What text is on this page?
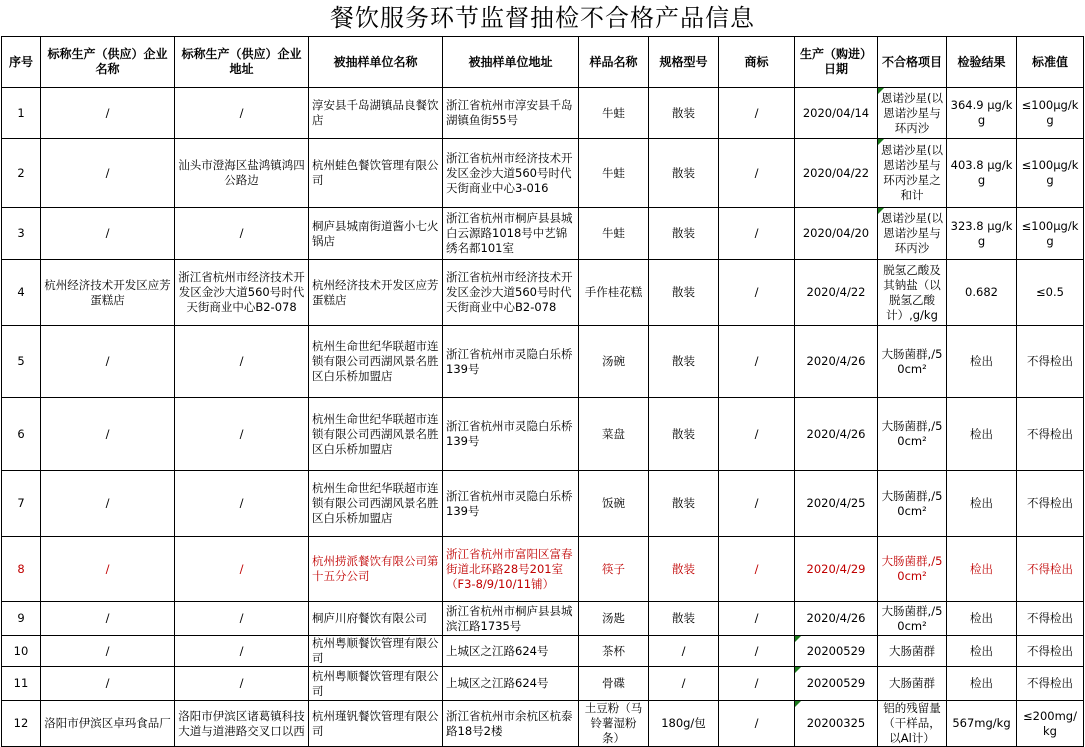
餐饮服务环节监督抽检不合格产品信息
序号	标称生产（供应）企业名称	标称生产（供应）企业地址	被抽样单位名称	被抽样单位地址	样品名称	规格型号	商标	生产（购进）日期	不合格项目	检验结果	标准值
1	/	/	淳安县千岛湖镇品良餐饮店	浙江省杭州市淳安县千岛湖镇鱼街55号	牛蛙	散装	/	2020/04/14	恩诺沙星(以恩诺沙星与环丙沙	364.9 μg/kg	≤100μg/kg
2	/	汕头市澄海区盐鸿镇鸿四公路边	杭州蛙色餐饮管理有限公司	浙江省杭州市经济技术开发区金沙大道560号时代天街商业中心3-016	牛蛙	散装	/	2020/04/22	恩诺沙星(以恩诺沙星与环丙沙星之和计	403.8 μg/kg	≤100μg/kg
3	/	/	桐庐县城南街道酱小七火锅店	浙江省杭州市桐庐县县城白云源路1018号中艺锦绣名都101室	牛蛙	散装	/	2020/04/20	恩诺沙星(以恩诺沙星与环丙沙	323.8 μg/kg	≤100μg/kg
4	杭州经济技术开发区应芳蛋糕店	浙江省杭州市经济技术开发区金沙大道560号时代天街商业中心B2-078	杭州经济技术开发区应芳蛋糕店	浙江省杭州市经济技术开发区金沙大道560号时代天街商业中心B2-078	手作桂花糕	散装	/	2020/4/22	脱氢乙酸及其钠盐（以脱氢乙酸计）,g/kg	0.682	≤0.5
5	/	/	杭州生命世纪华联超市连锁有限公司西湖风景名胜区白乐桥加盟店	浙江省杭州市灵隐白乐桥139号	汤碗	散装	/	2020/4/26	大肠菌群,/50cm²	检出	不得检出
6	/	/	杭州生命世纪华联超市连锁有限公司西湖风景名胜区白乐桥加盟店	浙江省杭州市灵隐白乐桥139号	菜盘	散装	/	2020/4/26	大肠菌群,/50cm²	检出	不得检出
7	/	/	杭州生命世纪华联超市连锁有限公司西湖风景名胜区白乐桥加盟店	浙江省杭州市灵隐白乐桥139号	饭碗	散装	/	2020/4/25	大肠菌群,/50cm²	检出	不得检出
8	/	/	杭州捞派餐饮有限公司第十五分公司	浙江省杭州市富阳区富春街道北环路28号201室（F3-8/9/10/11铺）	筷子	散装	/	2020/4/29	大肠菌群,/50cm²	检出	不得检出
9	/	/	桐庐川府餐饮有限公司	浙江省杭州市桐庐县县城滨江路1735号	汤匙	散装	/	2020/4/26	大肠菌群,/50cm²	检出	不得检出
10	/	/	杭州粤顺餐饮管理有限公司	上城区之江路624号	茶杯	/	/	20200529	大肠菌群	检出	不得检出
11	/	/	杭州粤顺餐饮管理有限公司	上城区之江路624号	骨碟	/	/	20200529	大肠菌群	检出	不得检出
12	洛阳市伊滨区卓玛食品厂	洛阳市伊滨区诸葛镇科技大道与道港路交叉口以西	杭州瑾钒餐饮管理有限公司	浙江省杭州市余杭区杭泰路18号2楼	土豆粉（马铃薯湿粉条）	180g/包	/	20200325	铝的残留量（干样品，以Al计）	567mg/kg	≤200mg/kg
